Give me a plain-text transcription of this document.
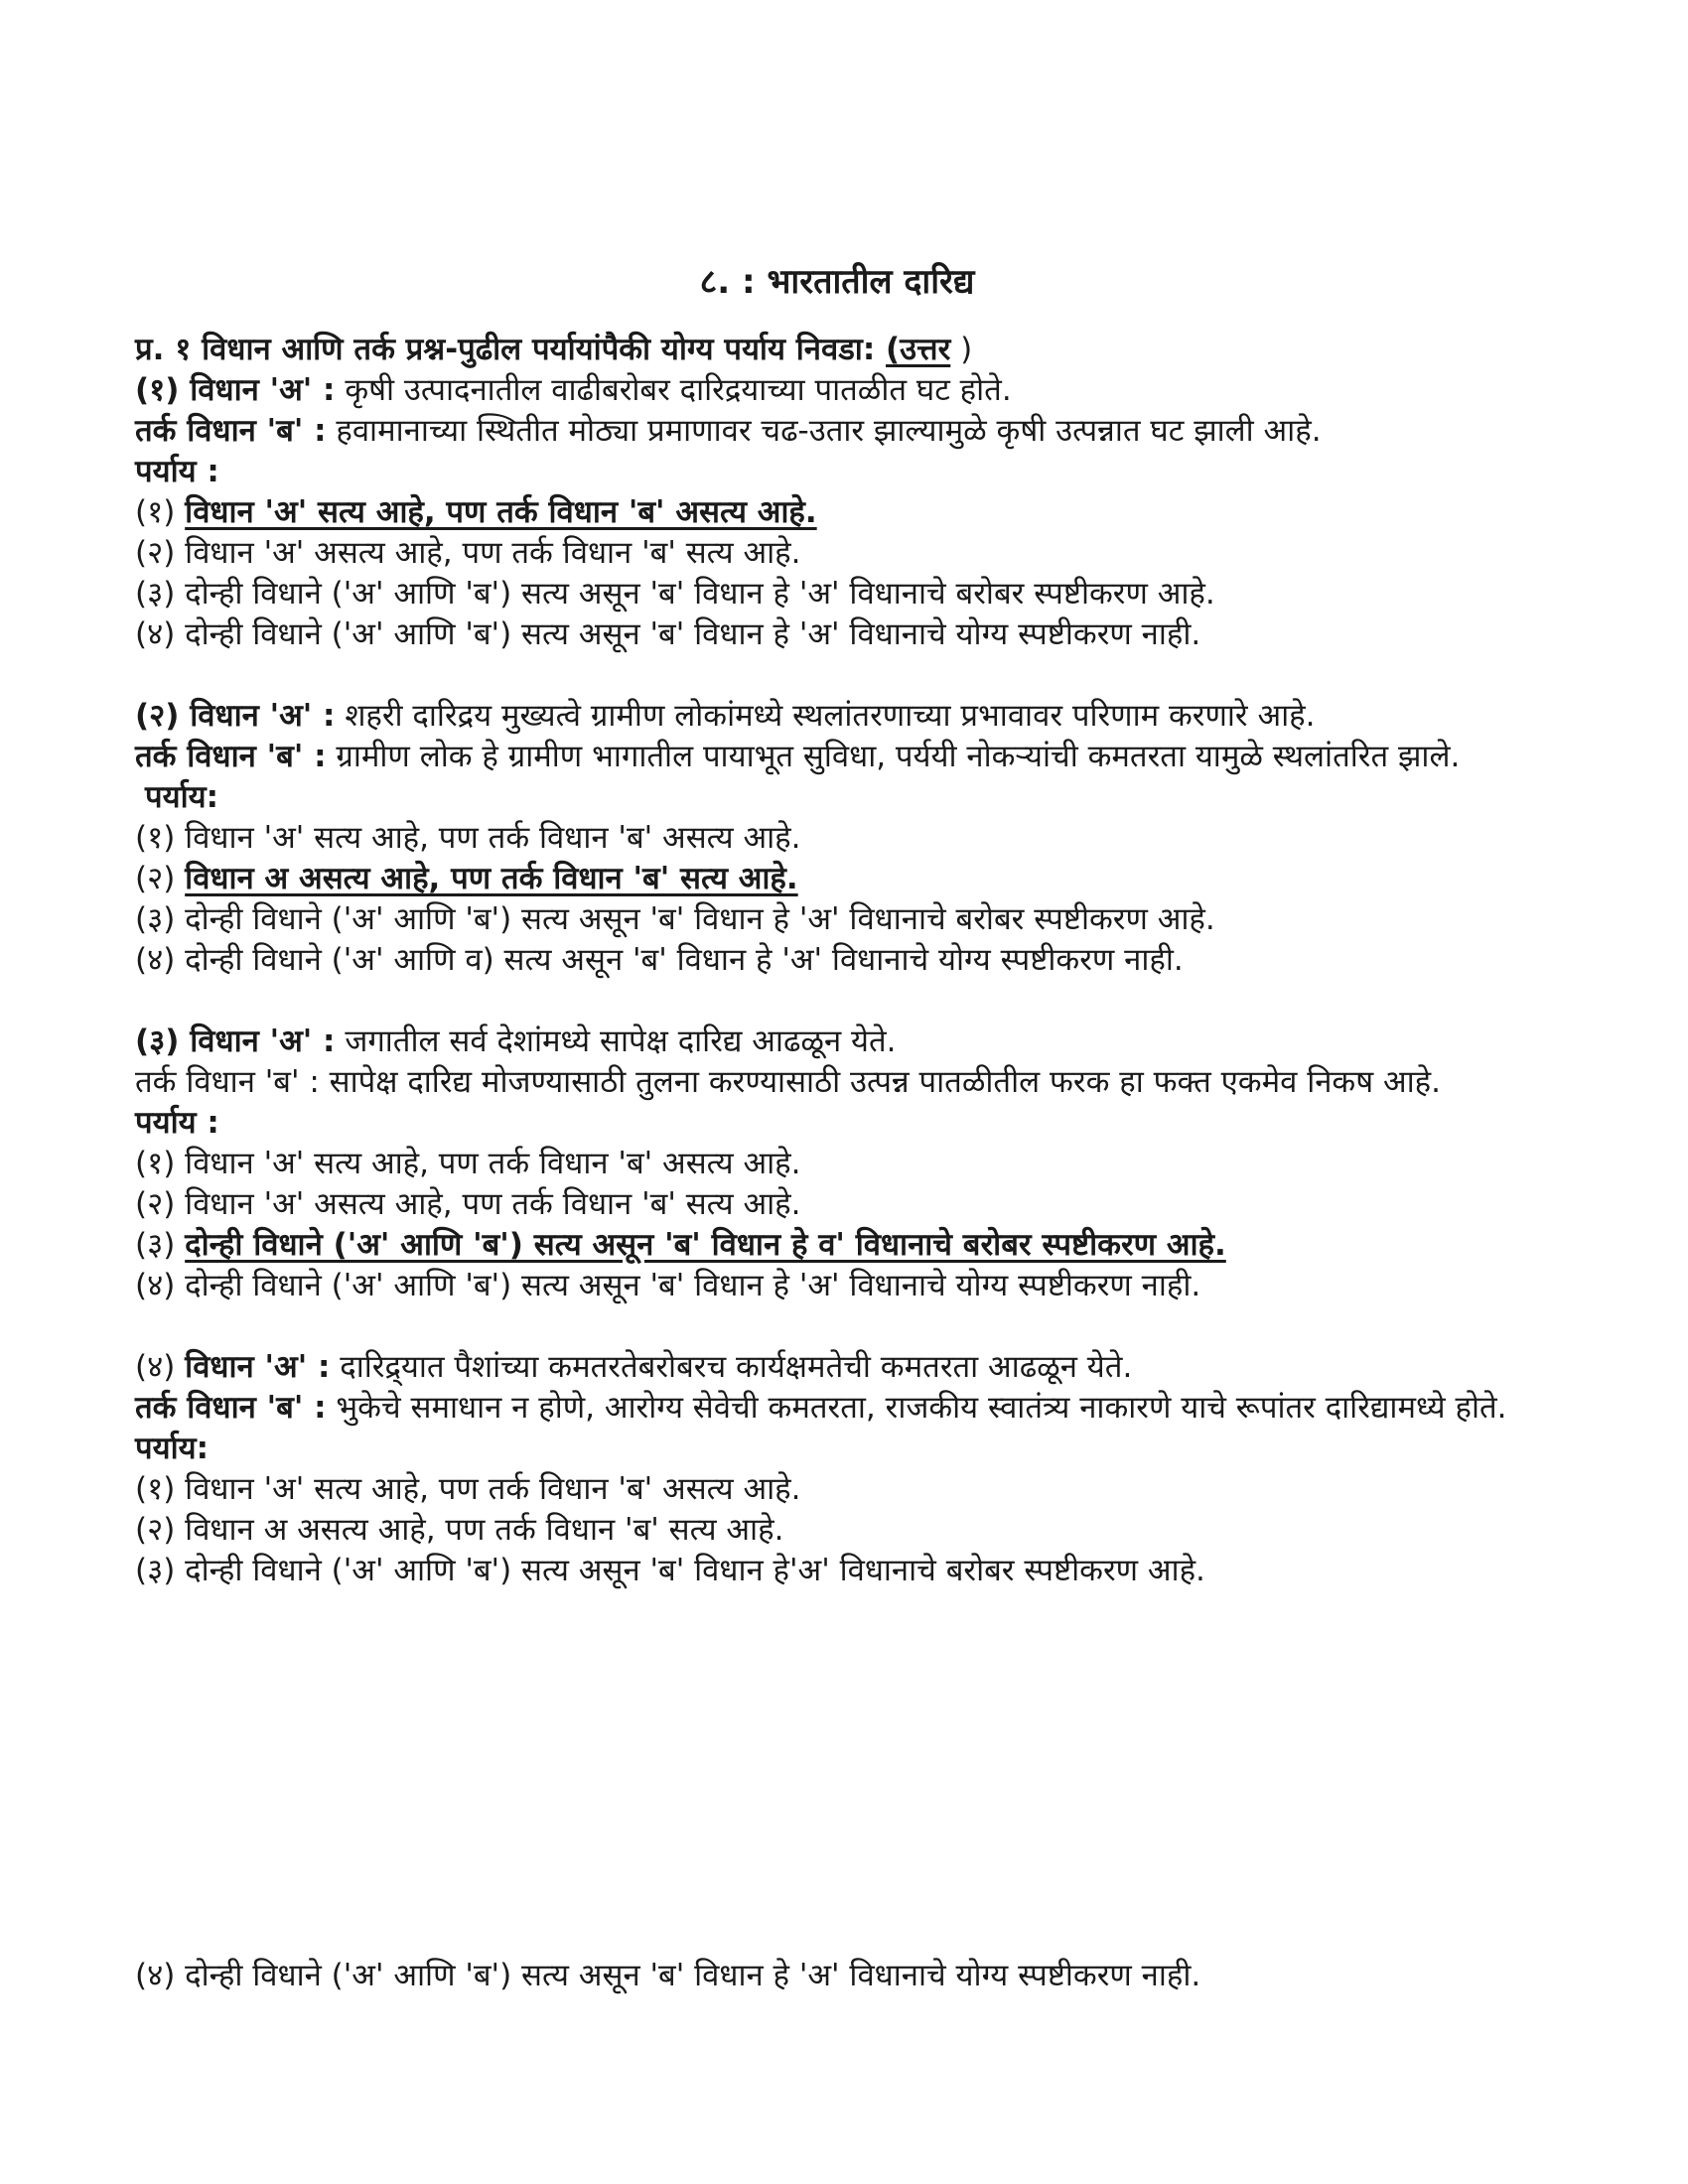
८. : भारतातील दारिद्य

प्र. १ विधान आणि तर्क प्रश्न-पुढील पर्यायांपैकी योग्य पर्याय निवडा: (उत्तर )

(१) विधान 'अ' : कृषी उत्पादनातील वाढीबरोबर दारिद्रयाच्या पातळीत घट होते.

तर्क विधान 'ब' : हवामानाच्या स्थितीत मोठ्या प्रमाणावर चढ-उतार झाल्यामुळे कृषी उत्पन्नात घट झाली आहे.

पर्याय :

(१) विधान 'अ' सत्य आहे, पण तर्क विधान 'ब' असत्य आहे.

(२) विधान 'अ' असत्य आहे, पण तर्क विधान 'ब' सत्य आहे.

(३) दोन्ही विधाने ('अ' आणि 'ब') सत्य असून 'ब' विधान हे 'अ' विधानाचे बरोबर स्पष्टीकरण आहे.

(४) दोन्ही विधाने ('अ' आणि 'ब') सत्य असून 'ब' विधान हे 'अ' विधानाचे योग्य स्पष्टीकरण नाही.

(२) विधान 'अ' : शहरी दारिद्रय मुख्यत्वे ग्रामीण लोकांमध्ये स्थलांतरणाच्या प्रभावावर परिणाम करणारे आहे.

तर्क विधान 'ब' : ग्रामीण लोक हे ग्रामीण भागातील पायाभूत सुविधा, पर्ययी नोकऱ्यांची कमतरता यामुळे स्थलांतरित झाले.

पर्याय:

(१) विधान 'अ' सत्य आहे, पण तर्क विधान 'ब' असत्य आहे.

(२) विधान अ असत्य आहे, पण तर्क विधान 'ब' सत्य आहे.

(३) दोन्ही विधाने ('अ' आणि 'ब') सत्य असून 'ब' विधान हे 'अ' विधानाचे बरोबर स्पष्टीकरण आहे.

(४) दोन्ही विधाने ('अ' आणि व) सत्य असून 'ब' विधान हे 'अ' विधानाचे योग्य स्पष्टीकरण नाही.

(३) विधान 'अ' : जगातील सर्व देशांमध्ये सापेक्ष दारिद्य आढळून येते.

तर्क विधान 'ब' : सापेक्ष दारिद्य मोजण्यासाठी तुलना करण्यासाठी उत्पन्न पातळीतील फरक हा फक्त एकमेव निकष आहे.

पर्याय :

(१) विधान 'अ' सत्य आहे, पण तर्क विधान 'ब' असत्य आहे.

(२) विधान 'अ' असत्य आहे, पण तर्क विधान 'ब' सत्य आहे.

(३) दोन्ही विधाने ('अ' आणि 'ब') सत्य असून 'ब' विधान हे व' विधानाचे बरोबर स्पष्टीकरण आहे.

(४) दोन्ही विधाने ('अ' आणि 'ब') सत्य असून 'ब' विधान हे 'अ' विधानाचे योग्य स्पष्टीकरण नाही.

(४) विधान 'अ' : दारिद्र्यात पैशांच्या कमतरतेबरोबरच कार्यक्षमतेची कमतरता आढळून येते.

तर्क विधान 'ब' : भुकेचे समाधान न होणे, आरोग्य सेवेची कमतरता, राजकीय स्वातंत्र्य नाकारणे याचे रूपांतर दारिद्यामध्ये होते.

पर्याय:

(१) विधान 'अ' सत्य आहे, पण तर्क विधान 'ब' असत्य आहे.

(२) विधान अ असत्य आहे, पण तर्क विधान 'ब' सत्य आहे.

(३) दोन्ही विधाने ('अ' आणि 'ब') सत्य असून 'ब' विधान हे'अ' विधानाचे बरोबर स्पष्टीकरण आहे.

(४) दोन्ही विधाने ('अ' आणि 'ब') सत्य असून 'ब' विधान हे 'अ' विधानाचे योग्य स्पष्टीकरण नाही.
